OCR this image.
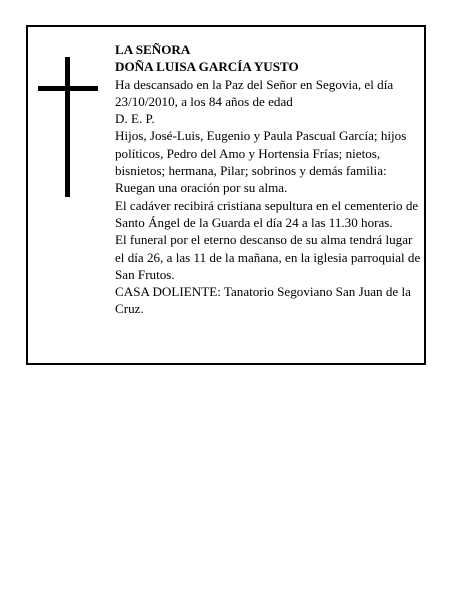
LA SEÑORA

DOÑA LUISA GARCÍA YUSTO

Ha descansado en la Paz del Señor en Segovia, el día 23/10/2010, a los 84 años de edad

D. E. P.

Hijos, José-Luis, Eugenio y Paula Pascual García; hijos políticos, Pedro del Amo y Hortensia Frías; nietos, bisnietos; hermana, Pilar; sobrinos y demás familia:

Ruegan una oración por su alma.

El cadáver recibirá cristiana sepultura en el cementerio de Santo Ángel de la Guarda el día 24 a las 11.30 horas.

El funeral por el eterno descanso de su alma tendrá lugar el día 26, a las 11 de la mañana, en la iglesia parroquial de San Frutos.

CASA DOLIENTE: Tanatorio Segoviano San Juan de la Cruz.
